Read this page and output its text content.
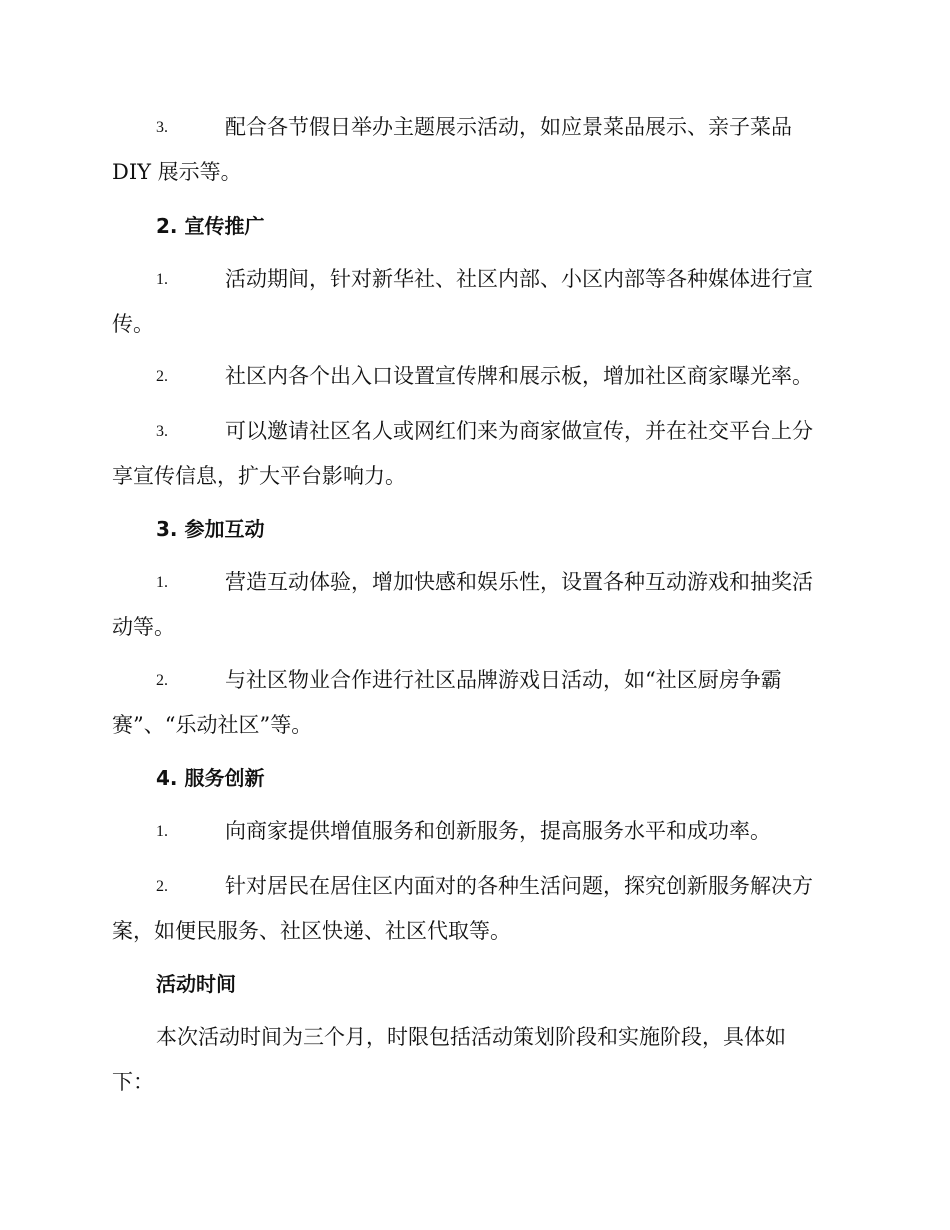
3.	配合各节假日举办主题展示活动，如应景菜品展示、亲子菜品
DIY 展示等。
2. 宣传推广
1.	活动期间，针对新华社、社区内部、小区内部等各种媒体进行宣
传。
2.	社区内各个出入口设置宣传牌和展示板，增加社区商家曝光率。
3.	可以邀请社区名人或网红们来为商家做宣传，并在社交平台上分
享宣传信息，扩大平台影响力。
3. 参加互动
1.	营造互动体验，增加快感和娱乐性，设置各种互动游戏和抽奖活
动等。
2.	与社区物业合作进行社区品牌游戏日活动，如“社区厨房争霸
赛”、“乐动社区”等。
4. 服务创新
1.	向商家提供增值服务和创新服务，提高服务水平和成功率。
2.	针对居民在居住区内面对的各种生活问题，探究创新服务解决方
案，如便民服务、社区快递、社区代取等。
活动时间
本次活动时间为三个月，时限包括活动策划阶段和实施阶段，具体如
下：
